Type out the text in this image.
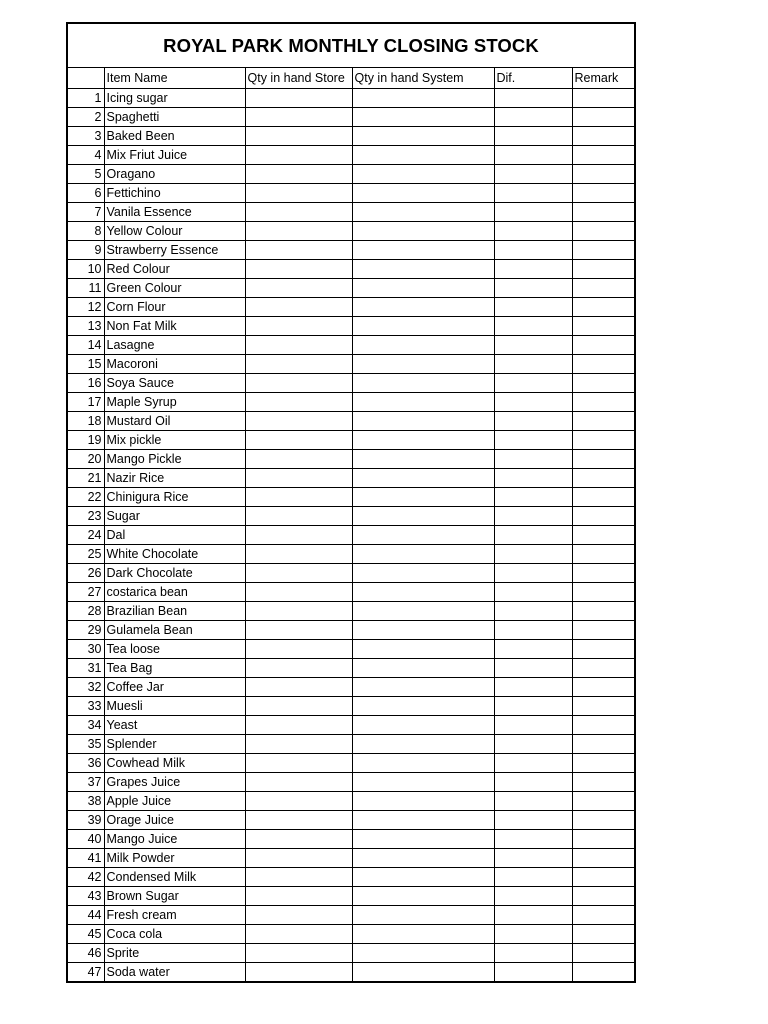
ROYAL PARK MONTHLY CLOSING STOCK
	Item Name	Qty in hand Store	Qty in hand System	Dif.	Remark
1	Icing sugar				
2	Spaghetti				
3	Baked Been				
4	Mix Friut Juice				
5	Oragano				
6	Fettichino				
7	Vanila Essence				
8	Yellow Colour				
9	Strawberry Essence				
10	Red Colour				
11	Green Colour				
12	Corn Flour				
13	Non Fat Milk				
14	Lasagne				
15	Macoroni				
16	Soya Sauce				
17	Maple Syrup				
18	Mustard Oil				
19	Mix pickle				
20	Mango Pickle				
21	Nazir Rice				
22	Chinigura Rice				
23	Sugar				
24	Dal				
25	White Chocolate				
26	Dark Chocolate				
27	costarica bean				
28	Brazilian Bean				
29	Gulamela Bean				
30	Tea loose				
31	Tea Bag				
32	Coffee Jar				
33	Muesli				
34	Yeast				
35	Splender				
36	Cowhead Milk				
37	Grapes Juice				
38	Apple Juice				
39	Orage Juice				
40	Mango Juice				
41	Milk Powder				
42	Condensed Milk				
43	Brown Sugar				
44	Fresh cream				
45	Coca cola				
46	Sprite				
47	Soda water				
